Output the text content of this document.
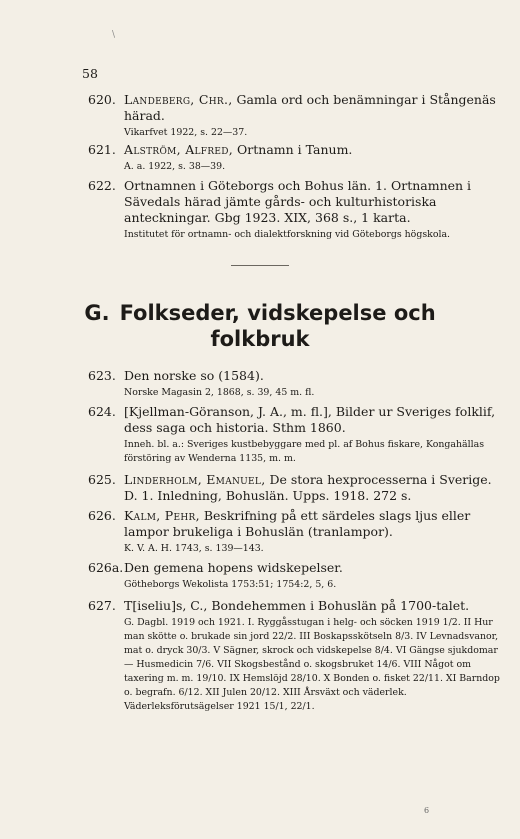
\
58
620. Landeberg, Chr., Gamla ord och benämningar i Stångenäs härad.
Vikarfvet 1922, s. 22—37.
621. Alström, Alfred, Ortnamn i Tanum.
A. a. 1922, s. 38—39.
622. Ortnamnen i Göteborgs och Bohus län. 1. Ortnamnen i Sävedals härad jämte gårds- och kulturhistoriska anteckningar. Gbg 1923. XIX, 368 s., 1 karta.
Institutet för ortnamn- och dialektforskning vid Göteborgs högskola.
G. Folkseder, vidskepelse och
folkbruk
623. Den norske so (1584).
Norske Magasin 2, 1868, s. 39, 45 m. fl.
624. [Kjellman-Göranson, J. A., m. fl.], Bilder ur Sveriges folklif, dess saga och historia. Sthm 1860.
Inneh. bl. a.: Sveriges kustbebyggare med pl. af Bohus fiskare, Kongahällas förstöring av Wenderna 1135, m. m.
625. Linderholm, Emanuel, De stora hexprocesserna i Sverige. D. 1. Inledning, Bohuslän. Upps. 1918. 272 s.
626. Kalm, Pehr, Beskrifning på ett särdeles slags ljus eller lampor brukeliga i Bohuslän (tranlampor).
K. V. A. H. 1743, s. 139—143.
626a. Den gemena hopens widskepelser.
Götheborgs Wekolista 1753:51; 1754:2, 5, 6.
627. T[iseliu]s, C., Bondehemmen i Bohuslän på 1700-talet.
G. Dagbl. 1919 och 1921. I. Ryggåsstugan i helg- och söcken 1919 1/2. II Hur man skötte o. brukade sin jord 22/2. III Boskapsskötseln 8/3. IV Levnadsvanor, mat o. dryck 30/3. V Sägner, skrock och vidskepelse 8/4. VI Gängse sjukdomar — Husmedicin 7/6. VII Skogsbestånd o. skogsbruket 14/6. VIII Något om taxering m. m. 19/10. IX Hemslöjd 28/10. X Bonden o. fisket 22/11. XI Barndop o. begrafn. 6/12. XII Julen 20/12. XIII Årsväxt och väderlek. Väderleksförutsägelser 1921 15/1, 22/1.
6
